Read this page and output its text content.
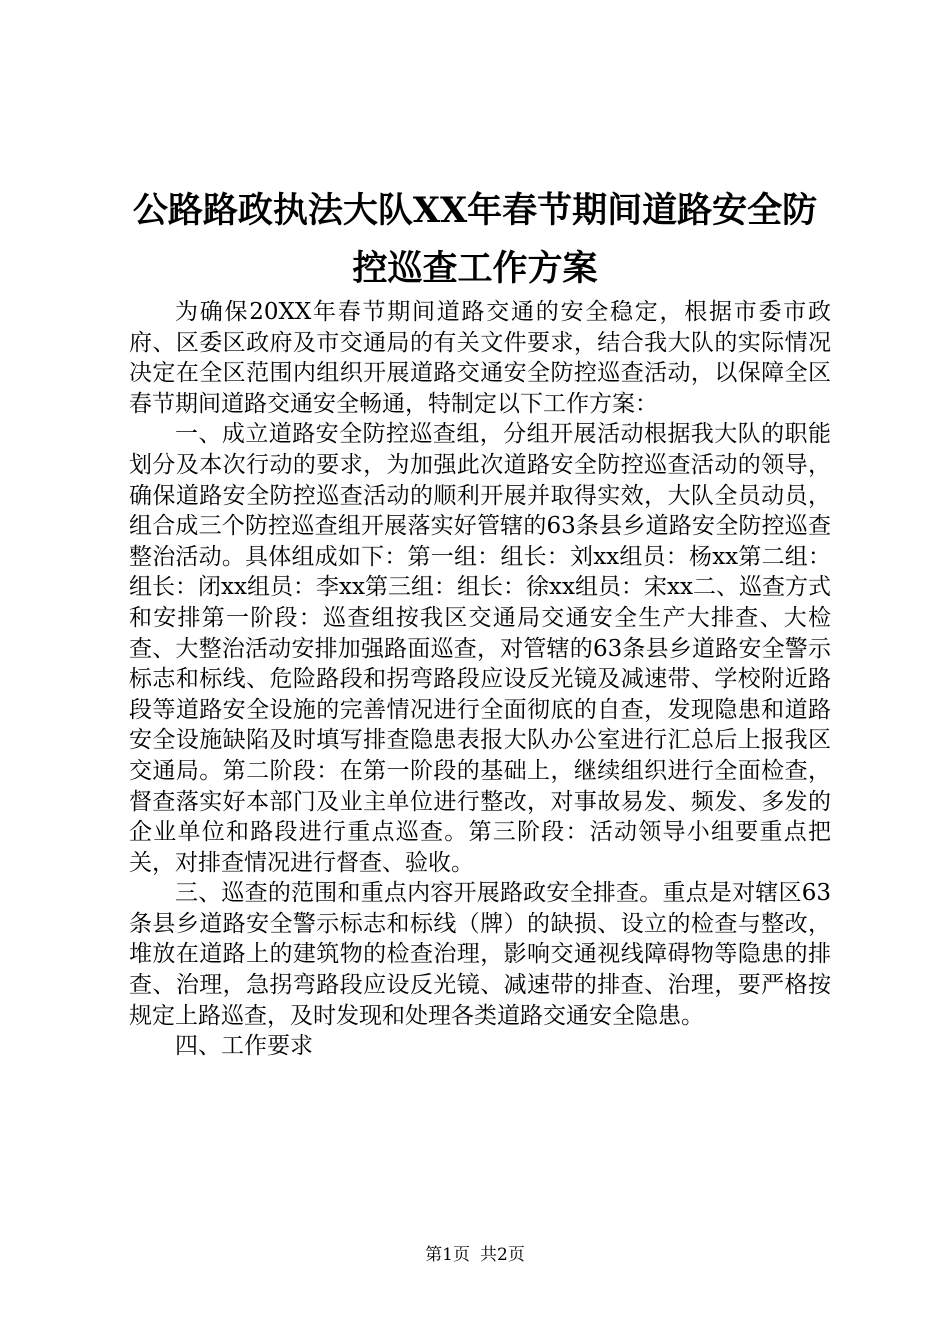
公路路政执法大队XX年春节期间道路安全防
控巡查工作方案

为确保20XX年春节期间道路交通的安全稳定，根据市委市政府、区委区政府及市交通局的有关文件要求，结合我大队的实际情况决定在全区范围内组织开展道路交通安全防控巡查活动，以保障全区春节期间道路交通安全畅通，特制定以下工作方案：

一、成立道路安全防控巡查组，分组开展活动根据我大队的职能划分及本次行动的要求，为加强此次道路安全防控巡查活动的领导，确保道路安全防控巡查活动的顺利开展并取得实效，大队全员动员，组合成三个防控巡查组开展落实好管辖的63条县乡道路安全防控巡查整治活动。具体组成如下：第一组：组长：刘xx组员：杨xx第二组：组长：闭xx组员：李xx第三组：组长：徐xx组员：宋xx二、巡查方式和安排第一阶段：巡查组按我区交通局交通安全生产大排查、大检查、大整治活动安排加强路面巡查，对管辖的63条县乡道路安全警示标志和标线、危险路段和拐弯路段应设反光镜及减速带、学校附近路段等道路安全设施的完善情况进行全面彻底的自查，发现隐患和道路安全设施缺陷及时填写排查隐患表报大队办公室进行汇总后上报我区交通局。第二阶段：在第一阶段的基础上，继续组织进行全面检查，督查落实好本部门及业主单位进行整改，对事故易发、频发、多发的企业单位和路段进行重点巡查。第三阶段：活动领导小组要重点把关，对排查情况进行督查、验收。

三、巡查的范围和重点内容开展路政安全排查。重点是对辖区63条县乡道路安全警示标志和标线（牌）的缺损、设立的检查与整改，堆放在道路上的建筑物的检查治理，影响交通视线障碍物等隐患的排查、治理，急拐弯路段应设反光镜、减速带的排查、治理，要严格按规定上路巡查，及时发现和处理各类道路交通安全隐患。

四、工作要求

第1页 共2页
